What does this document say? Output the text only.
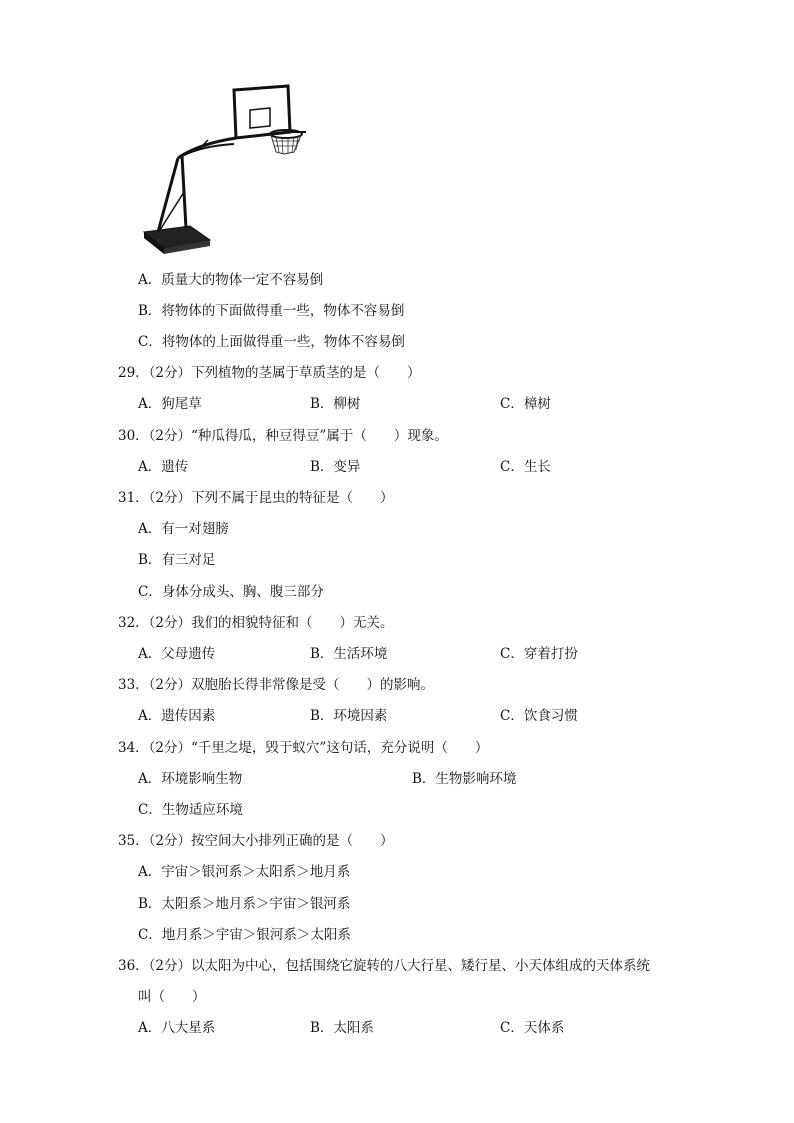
A．质量大的物体一定不容易倒
B．将物体的下面做得重一些，物体不容易倒
C．将物体的上面做得重一些，物体不容易倒
29．（2分）下列植物的茎属于草质茎的是（　　）
A．狗尾草	B．柳树	C．樟树
30．（2分）“种瓜得瓜，种豆得豆”属于（　　）现象。
A．遗传	B．变异	C．生长
31．（2分）下列不属于昆虫的特征是（　　）
A．有一对翅膀
B．有三对足
C．身体分成头、胸、腹三部分
32．（2分）我们的相貌特征和（　　）无关。
A．父母遗传	B．生活环境	C．穿着打扮
33．（2分）双胞胎长得非常像是受（　　）的影响。
A．遗传因素	B．环境因素	C．饮食习惯
34．（2分）“千里之堤，毁于蚁穴”这句话，充分说明（　　）
A．环境影响生物	B．生物影响环境
C．生物适应环境
35．（2分）按空间大小排列正确的是（　　）
A．宇宙＞银河系＞太阳系＞地月系
B．太阳系＞地月系＞宇宙＞银河系
C．地月系＞宇宙＞银河系＞太阳系
36．（2分）以太阳为中心，包括围绕它旋转的八大行星、矮行星、小天体组成的天体系统
叫（　　）
A．八大星系	B．太阳系	C．天体系
